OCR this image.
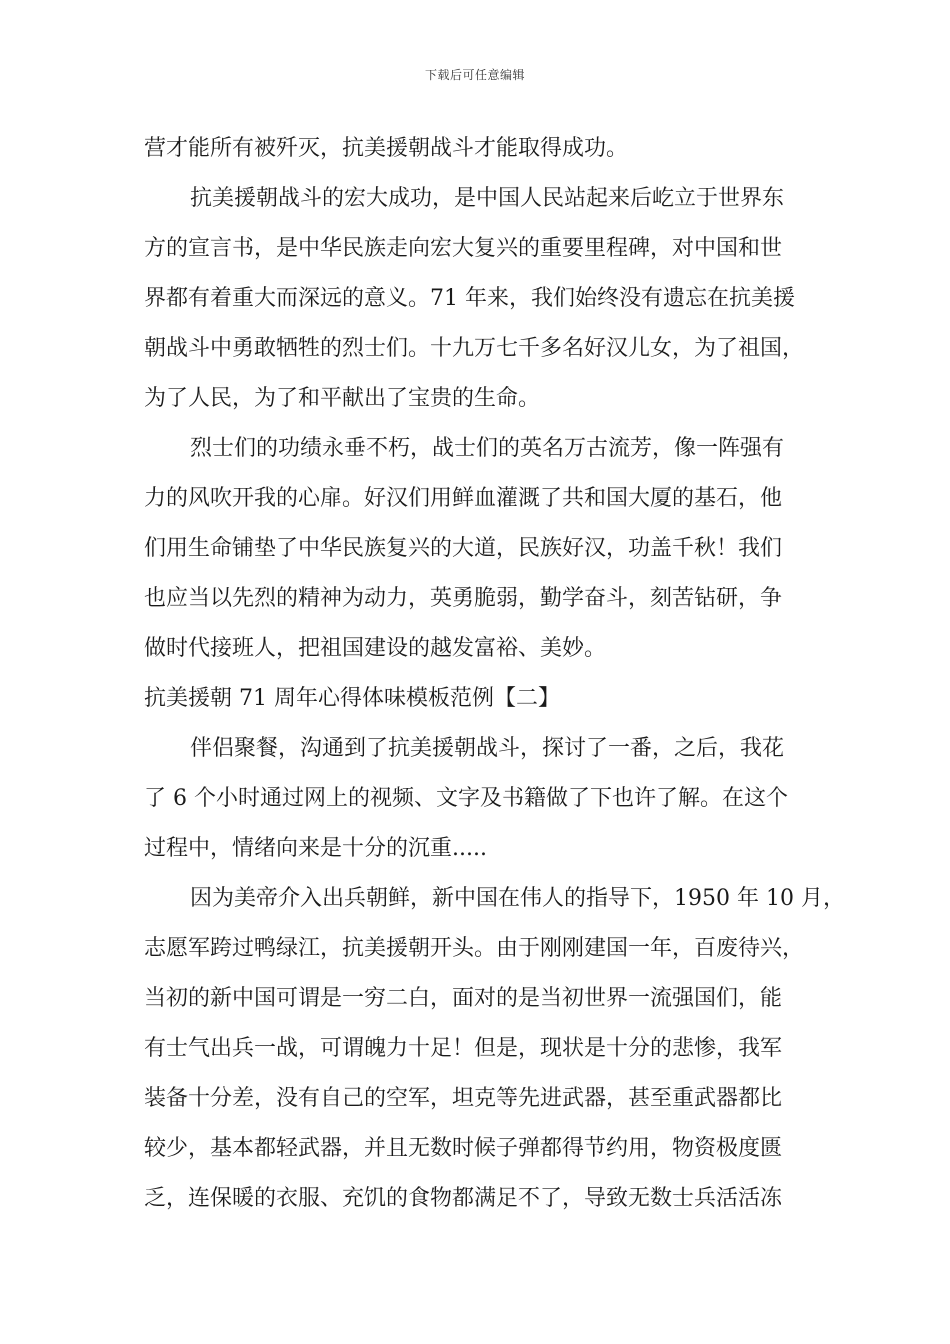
下载后可任意编辑
营才能所有被歼灭，抗美援朝战斗才能取得成功。
抗美援朝战斗的宏大成功，是中国人民站起来后屹立于世界东
方的宣言书，是中华民族走向宏大复兴的重要里程碑，对中国和世
界都有着重大而深远的意义。71 年来，我们始终没有遗忘在抗美援
朝战斗中勇敢牺牲的烈士们。十九万七千多名好汉儿女，为了祖国，
为了人民，为了和平献出了宝贵的生命。
烈士们的功绩永垂不朽，战士们的英名万古流芳，像一阵强有
力的风吹开我的心扉。好汉们用鲜血灌溉了共和国大厦的基石，他
们用生命铺垫了中华民族复兴的大道，民族好汉，功盖千秋！我们
也应当以先烈的精神为动力，英勇脆弱，勤学奋斗，刻苦钻研，争
做时代接班人，把祖国建设的越发富裕、美妙。
抗美援朝 71 周年心得体味模板范例【二】
伴侣聚餐，沟通到了抗美援朝战斗，探讨了一番，之后，我花
了 6 个小时通过网上的视频、文字及书籍做了下也许了解。在这个
过程中，情绪向来是十分的沉重.....
因为美帝介入出兵朝鲜，新中国在伟人的指导下，1950 年 10 月，
志愿军跨过鸭绿江，抗美援朝开头。由于刚刚建国一年，百废待兴，
当初的新中国可谓是一穷二白，面对的是当初世界一流强国们，能
有士气出兵一战，可谓魄力十足！但是，现状是十分的悲惨，我军
装备十分差，没有自己的空军，坦克等先进武器，甚至重武器都比
较少，基本都轻武器，并且无数时候子弹都得节约用，物资极度匮
乏，连保暖的衣服、充饥的食物都满足不了，导致无数士兵活活冻
